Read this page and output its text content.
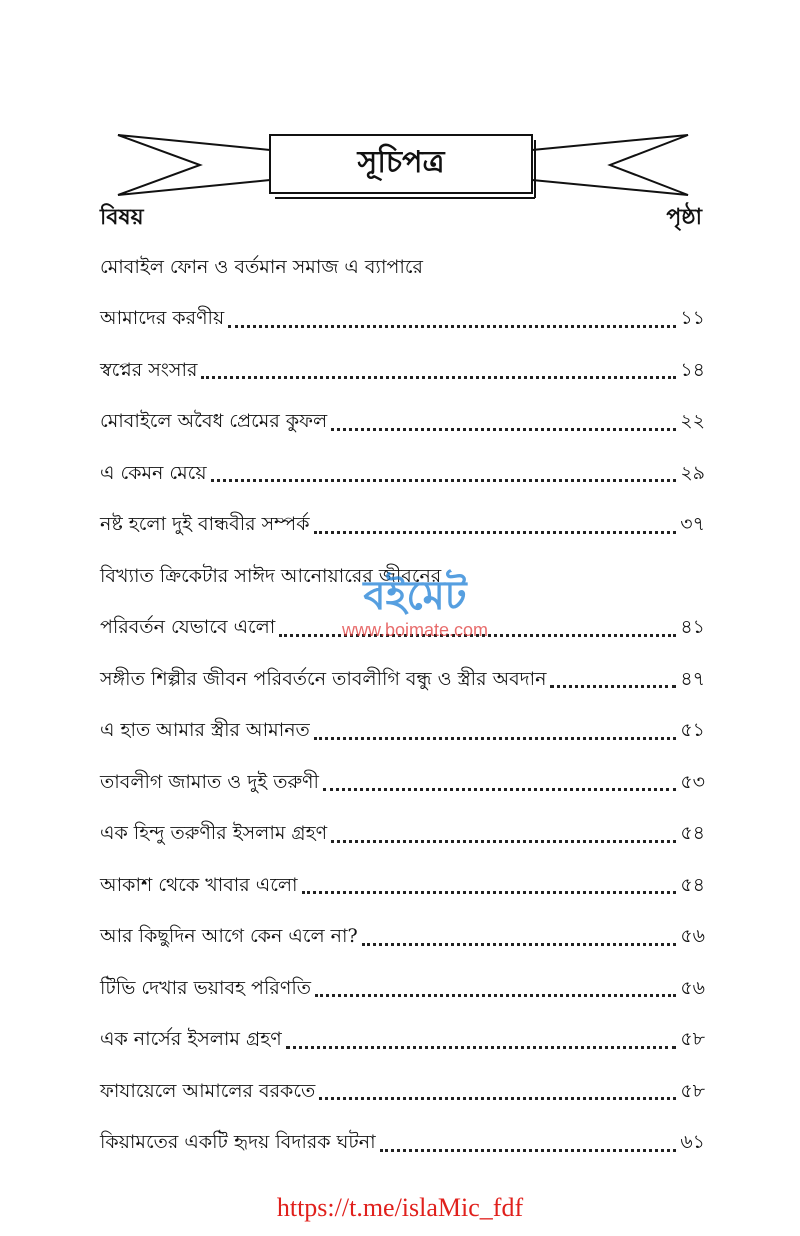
সূচিপত্র
বিষয়	পৃষ্ঠা
মোবাইল ফোন ও বর্তমান সমাজ এ ব্যাপারে
আমাদের করণীয়	১১
স্বপ্নের সংসার	১৪
মোবাইলে অবৈধ প্রেমের কুফল	২২
এ কেমন মেয়ে	২৯
নষ্ট হলো দুই বান্ধবীর সম্পর্ক	৩৭
বিখ্যাত ক্রিকেটার সাঈদ আনোয়ারের জীবনের
পরিবর্তন যেভাবে এলো	৪১
সঙ্গীত শিল্পীর জীবন পরিবর্তনে তাবলীগি বন্ধু ও স্ত্রীর অবদান	৪৭
এ হাত আমার স্ত্রীর আমানত	৫১
তাবলীগ জামাত ও দুই তরুণী	৫৩
এক হিন্দু তরুণীর ইসলাম গ্রহণ	৫৪
আকাশ থেকে খাবার এলো	৫৪
আর কিছুদিন আগে কেন এলে না?	৫৬
টিভি দেখার ভয়াবহ পরিণতি	৫৬
এক নার্সের ইসলাম গ্রহণ	৫৮
ফাযায়েলে আমালের বরকতে	৫৮
কিয়ামতের একটি হৃদয় বিদারক ঘটনা	৬১
বইমেট
www.boimate.com
https://t.me/islaMic_fdf
